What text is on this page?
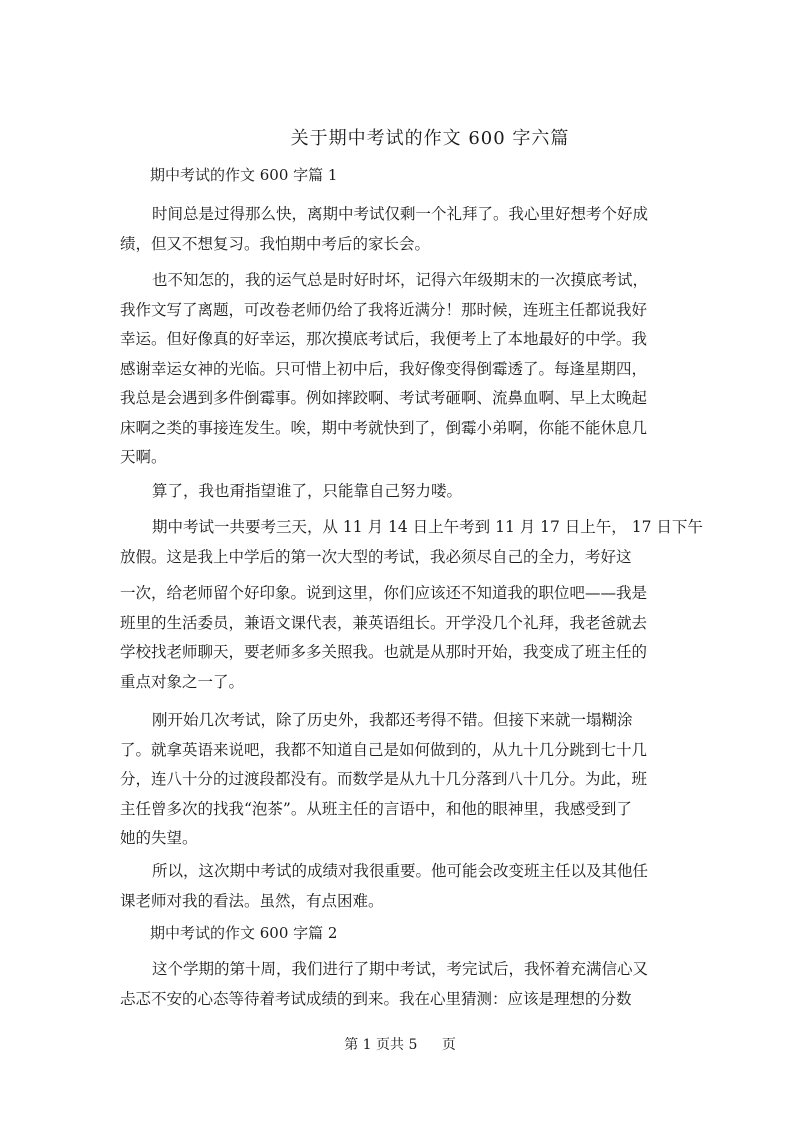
关于期中考试的作文 600 字六篇
期中考试的作文 600 字篇 1

时间总是过得那么快，离期中考试仅剩一个礼拜了。我心里好想考个好成
绩，但又不想复习。我怕期中考后的家长会。

也不知怎的，我的运气总是时好时坏，记得六年级期末的一次摸底考试，
我作文写了离题，可改卷老师仍给了我将近满分！那时候，连班主任都说我好
幸运。但好像真的好幸运，那次摸底考试后，我便考上了本地最好的中学。我
感谢幸运女神的光临。只可惜上初中后，我好像变得倒霉透了。每逢星期四，
我总是会遇到多件倒霉事。例如摔跤啊、考试考砸啊、流鼻血啊、早上太晚起
床啊之类的事接连发生。唉，期中考就快到了，倒霉小弟啊，你能不能休息几
天啊。

算了，我也甭指望谁了，只能靠自己努力喽。

期中考试一共要考三天，从 11 月 14 日上午考到 11 月 17 日上午， 17 日下午
放假。这是我上中学后的第一次大型的考试，我必须尽自己的全力，考好这

一次，给老师留个好印象。说到这里，你们应该还不知道我的职位吧——我是
班里的生活委员，兼语文课代表，兼英语组长。开学没几个礼拜，我老爸就去
学校找老师聊天，要老师多多关照我。也就是从那时开始，我变成了班主任的
重点对象之一了。

刚开始几次考试，除了历史外，我都还考得不错。但接下来就一塌糊涂
了。就拿英语来说吧，我都不知道自己是如何做到的，从九十几分跳到七十几
分，连八十分的过渡段都没有。而数学是从九十几分落到八十几分。为此，班
主任曾多次的找我“泡茶”。从班主任的言语中，和他的眼神里，我感受到了
她的失望。

所以，这次期中考试的成绩对我很重要。他可能会改变班主任以及其他任
课老师对我的看法。虽然，有点困难。

期中考试的作文 600 字篇 2

这个学期的第十周，我们进行了期中考试，考完试后，我怀着充满信心又
忐忑不安的心态等待着考试成绩的到来。我在心里猜测：应该是理想的分数

第 1 页共 5 页
